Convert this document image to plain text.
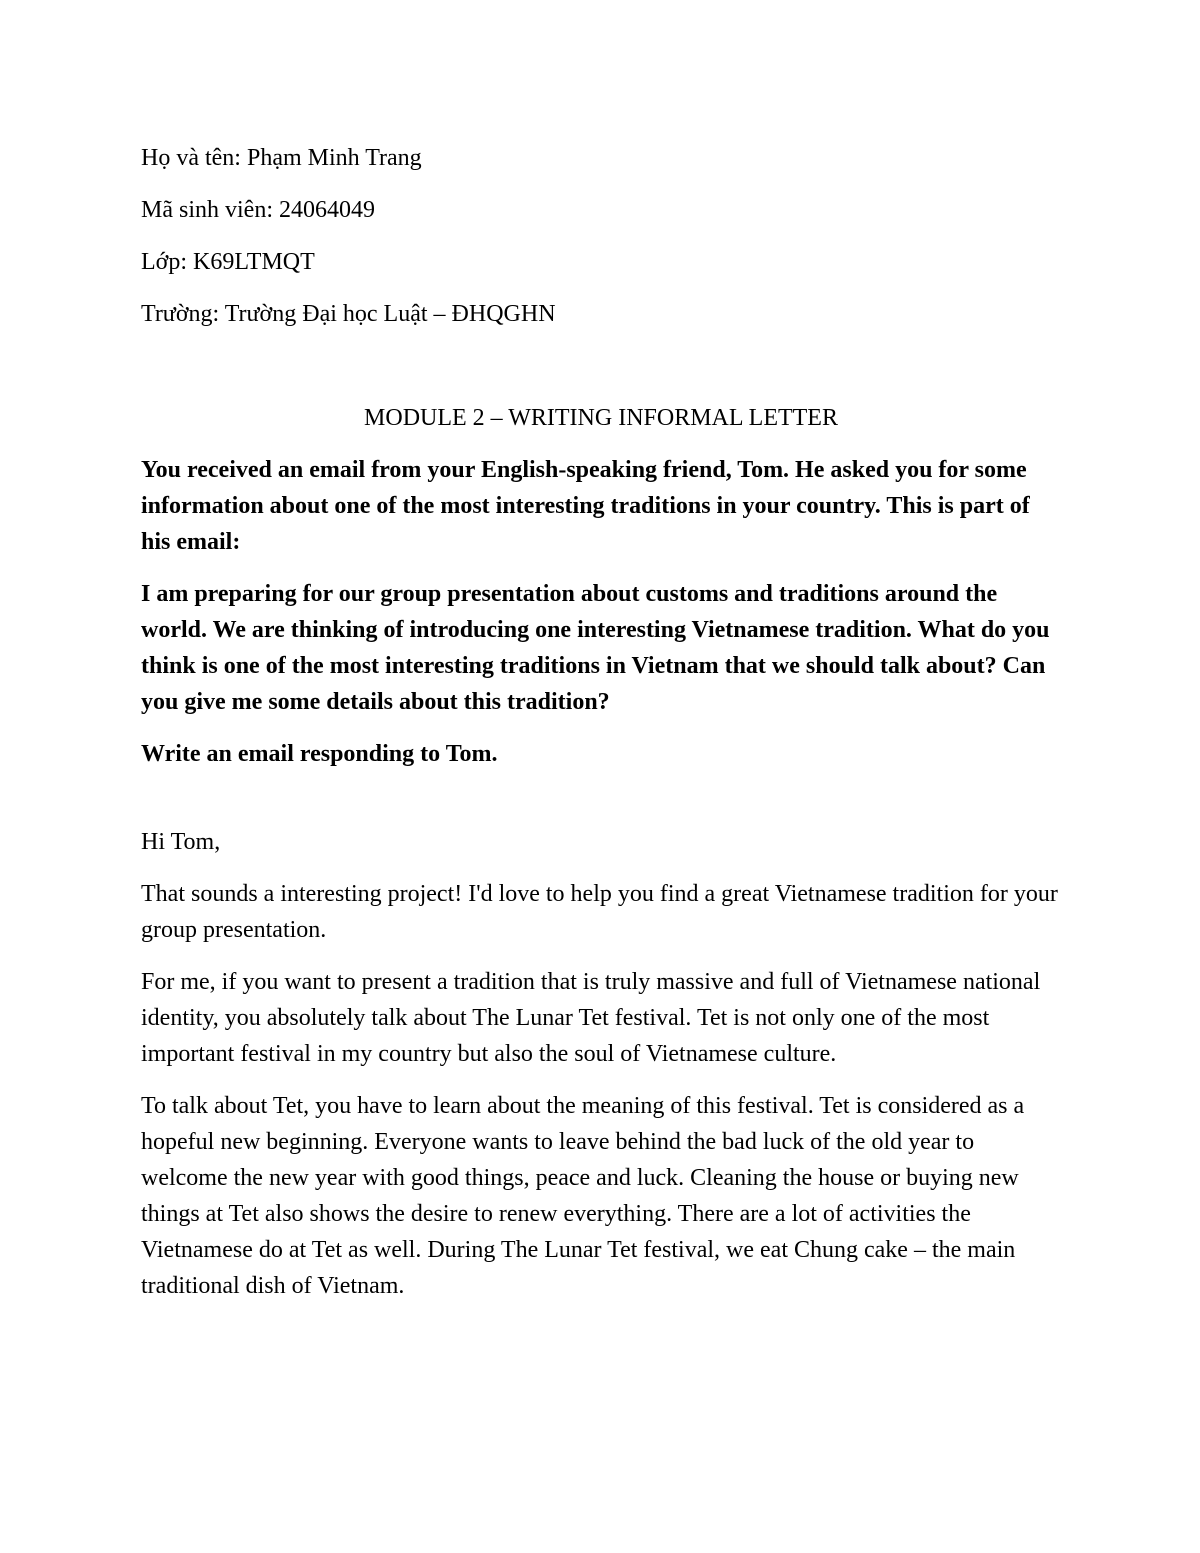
Họ và tên: Phạm Minh Trang

Mã sinh viên: 24064049

Lớp: K69LTMQT

Trường: Trường Đại học Luật – ĐHQGHN

MODULE 2 – WRITING INFORMAL LETTER

You received an email from your English-speaking friend, Tom. He asked you for some information about one of the most interesting traditions in your country. This is part of his email:

I am preparing for our group presentation about customs and traditions around the world. We are thinking of introducing one interesting Vietnamese tradition. What do you think is one of the most interesting traditions in Vietnam that we should talk about? Can you give me some details about this tradition?

Write an email responding to Tom.

Hi Tom,

That sounds a interesting project! I'd love to help you find a great Vietnamese tradition for your group presentation.

For me, if you want to present a tradition that is truly massive and full of Vietnamese national identity, you absolutely talk about The Lunar Tet festival. Tet is not only one of the most important festival in my country but also the soul of Vietnamese culture.

To talk about Tet, you have to learn about the meaning of this festival. Tet is considered as a hopeful new beginning. Everyone wants to leave behind the bad luck of the old year to welcome the new year with good things, peace and luck. Cleaning the house or buying new things at Tet also shows the desire to renew everything. There are a lot of activities the Vietnamese do at Tet as well. During The Lunar Tet festival, we eat Chung cake – the main traditional dish of Vietnam.
